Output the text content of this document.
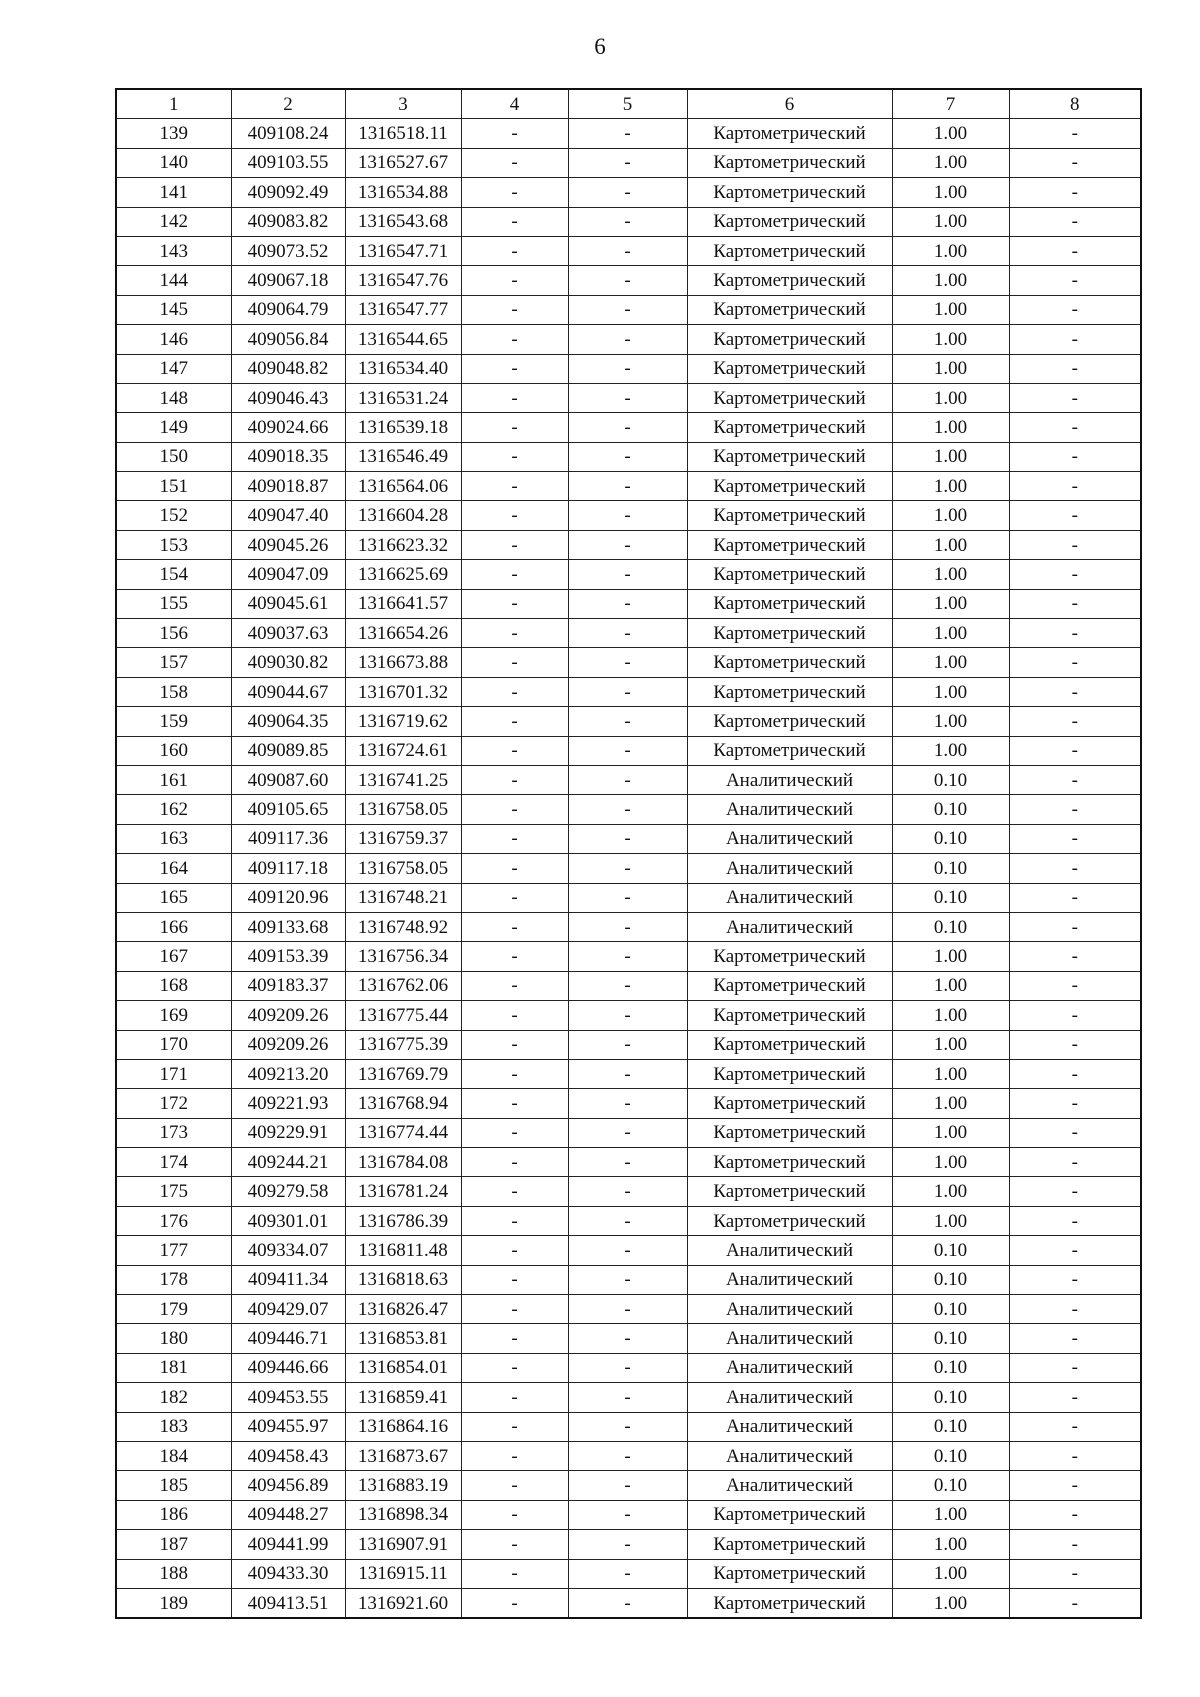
6
1	2	3	4	5	6	7	8
139	409108.24	1316518.11	-	-	Картометрический	1.00	-
140	409103.55	1316527.67	-	-	Картометрический	1.00	-
141	409092.49	1316534.88	-	-	Картометрический	1.00	-
142	409083.82	1316543.68	-	-	Картометрический	1.00	-
143	409073.52	1316547.71	-	-	Картометрический	1.00	-
144	409067.18	1316547.76	-	-	Картометрический	1.00	-
145	409064.79	1316547.77	-	-	Картометрический	1.00	-
146	409056.84	1316544.65	-	-	Картометрический	1.00	-
147	409048.82	1316534.40	-	-	Картометрический	1.00	-
148	409046.43	1316531.24	-	-	Картометрический	1.00	-
149	409024.66	1316539.18	-	-	Картометрический	1.00	-
150	409018.35	1316546.49	-	-	Картометрический	1.00	-
151	409018.87	1316564.06	-	-	Картометрический	1.00	-
152	409047.40	1316604.28	-	-	Картометрический	1.00	-
153	409045.26	1316623.32	-	-	Картометрический	1.00	-
154	409047.09	1316625.69	-	-	Картометрический	1.00	-
155	409045.61	1316641.57	-	-	Картометрический	1.00	-
156	409037.63	1316654.26	-	-	Картометрический	1.00	-
157	409030.82	1316673.88	-	-	Картометрический	1.00	-
158	409044.67	1316701.32	-	-	Картометрический	1.00	-
159	409064.35	1316719.62	-	-	Картометрический	1.00	-
160	409089.85	1316724.61	-	-	Картометрический	1.00	-
161	409087.60	1316741.25	-	-	Аналитический	0.10	-
162	409105.65	1316758.05	-	-	Аналитический	0.10	-
163	409117.36	1316759.37	-	-	Аналитический	0.10	-
164	409117.18	1316758.05	-	-	Аналитический	0.10	-
165	409120.96	1316748.21	-	-	Аналитический	0.10	-
166	409133.68	1316748.92	-	-	Аналитический	0.10	-
167	409153.39	1316756.34	-	-	Картометрический	1.00	-
168	409183.37	1316762.06	-	-	Картометрический	1.00	-
169	409209.26	1316775.44	-	-	Картометрический	1.00	-
170	409209.26	1316775.39	-	-	Картометрический	1.00	-
171	409213.20	1316769.79	-	-	Картометрический	1.00	-
172	409221.93	1316768.94	-	-	Картометрический	1.00	-
173	409229.91	1316774.44	-	-	Картометрический	1.00	-
174	409244.21	1316784.08	-	-	Картометрический	1.00	-
175	409279.58	1316781.24	-	-	Картометрический	1.00	-
176	409301.01	1316786.39	-	-	Картометрический	1.00	-
177	409334.07	1316811.48	-	-	Аналитический	0.10	-
178	409411.34	1316818.63	-	-	Аналитический	0.10	-
179	409429.07	1316826.47	-	-	Аналитический	0.10	-
180	409446.71	1316853.81	-	-	Аналитический	0.10	-
181	409446.66	1316854.01	-	-	Аналитический	0.10	-
182	409453.55	1316859.41	-	-	Аналитический	0.10	-
183	409455.97	1316864.16	-	-	Аналитический	0.10	-
184	409458.43	1316873.67	-	-	Аналитический	0.10	-
185	409456.89	1316883.19	-	-	Аналитический	0.10	-
186	409448.27	1316898.34	-	-	Картометрический	1.00	-
187	409441.99	1316907.91	-	-	Картометрический	1.00	-
188	409433.30	1316915.11	-	-	Картометрический	1.00	-
189	409413.51	1316921.60	-	-	Картометрический	1.00	-
